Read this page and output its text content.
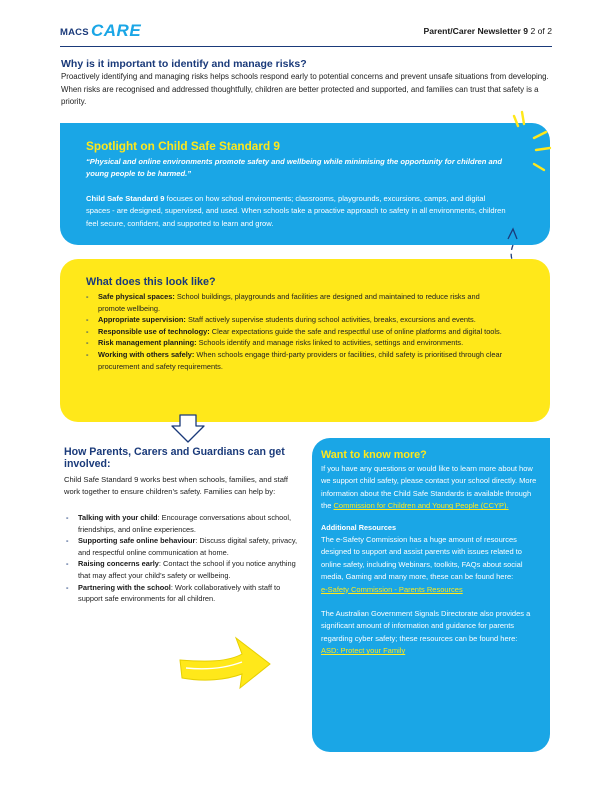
MACS CARE	Parent/Carer Newsletter 9 2 of 2
Why is it important to identify and manage risks?
Proactively identifying and managing risks helps schools respond early to potential concerns and prevent unsafe situations from developing. When risks are recognised and addressed thoughtfully, children are better protected and supported, and families can trust that safety is a priority.
Spotlight on Child Safe Standard 9
“Physical and online environments promote safety and wellbeing while minimising the opportunity for children and young people to be harmed.”
Child Safe Standard 9 focuses on how school environments; classrooms, playgrounds, excursions, camps, and digital spaces - are designed, supervised, and used. When schools take a proactive approach to safety in all environments, children feel secure, confident, and supported to learn and grow.
What does this look like?
- Safe physical spaces: School buildings, playgrounds and facilities are designed and maintained to reduce risks and promote wellbeing.
- Appropriate supervision: Staff actively supervise students during school activities, breaks, excursions and events.
- Responsible use of technology: Clear expectations guide the safe and respectful use of online platforms and digital tools.
- Risk management planning: Schools identify and manage risks linked to activities, settings and environments.
- Working with others safely: When schools engage third-party providers or facilities, child safety is prioritised through clear procurement and safety requirements.
How Parents, Carers and Guardians can get involved:
Child Safe Standard 9 works best when schools, families, and staff work together to ensure children’s safety. Families can help by:
- Talking with your child: Encourage conversations about school, friendships, and online experiences.
- Supporting safe online behaviour: Discuss digital safety, privacy, and respectful online communication at home.
- Raising concerns early: Contact the school if you notice anything that may affect your child’s safety or wellbeing.
- Partnering with the school: Work collaboratively with staff to support safe environments for all children.
Want to know more?

If you have any questions or would like to learn more about how we support child safety, please contact your school directly. More information about the Child Safe Standards is available through the Commission for Children and Young People (CCYP).

Additional Resources

The e-Safety Commission has a huge amount of resources designed to support and assist parents with issues related to online safety, including Webinars, toolkits, FAQs about social media, Gaming and many more, these can be found here:

e-Safety Commission - Parents Resources

The Australian Government Signals Directorate also provides a significant amount of information and guidance for parents regarding cyber safety; these resources can be found here:

ASD: Protect your Family
